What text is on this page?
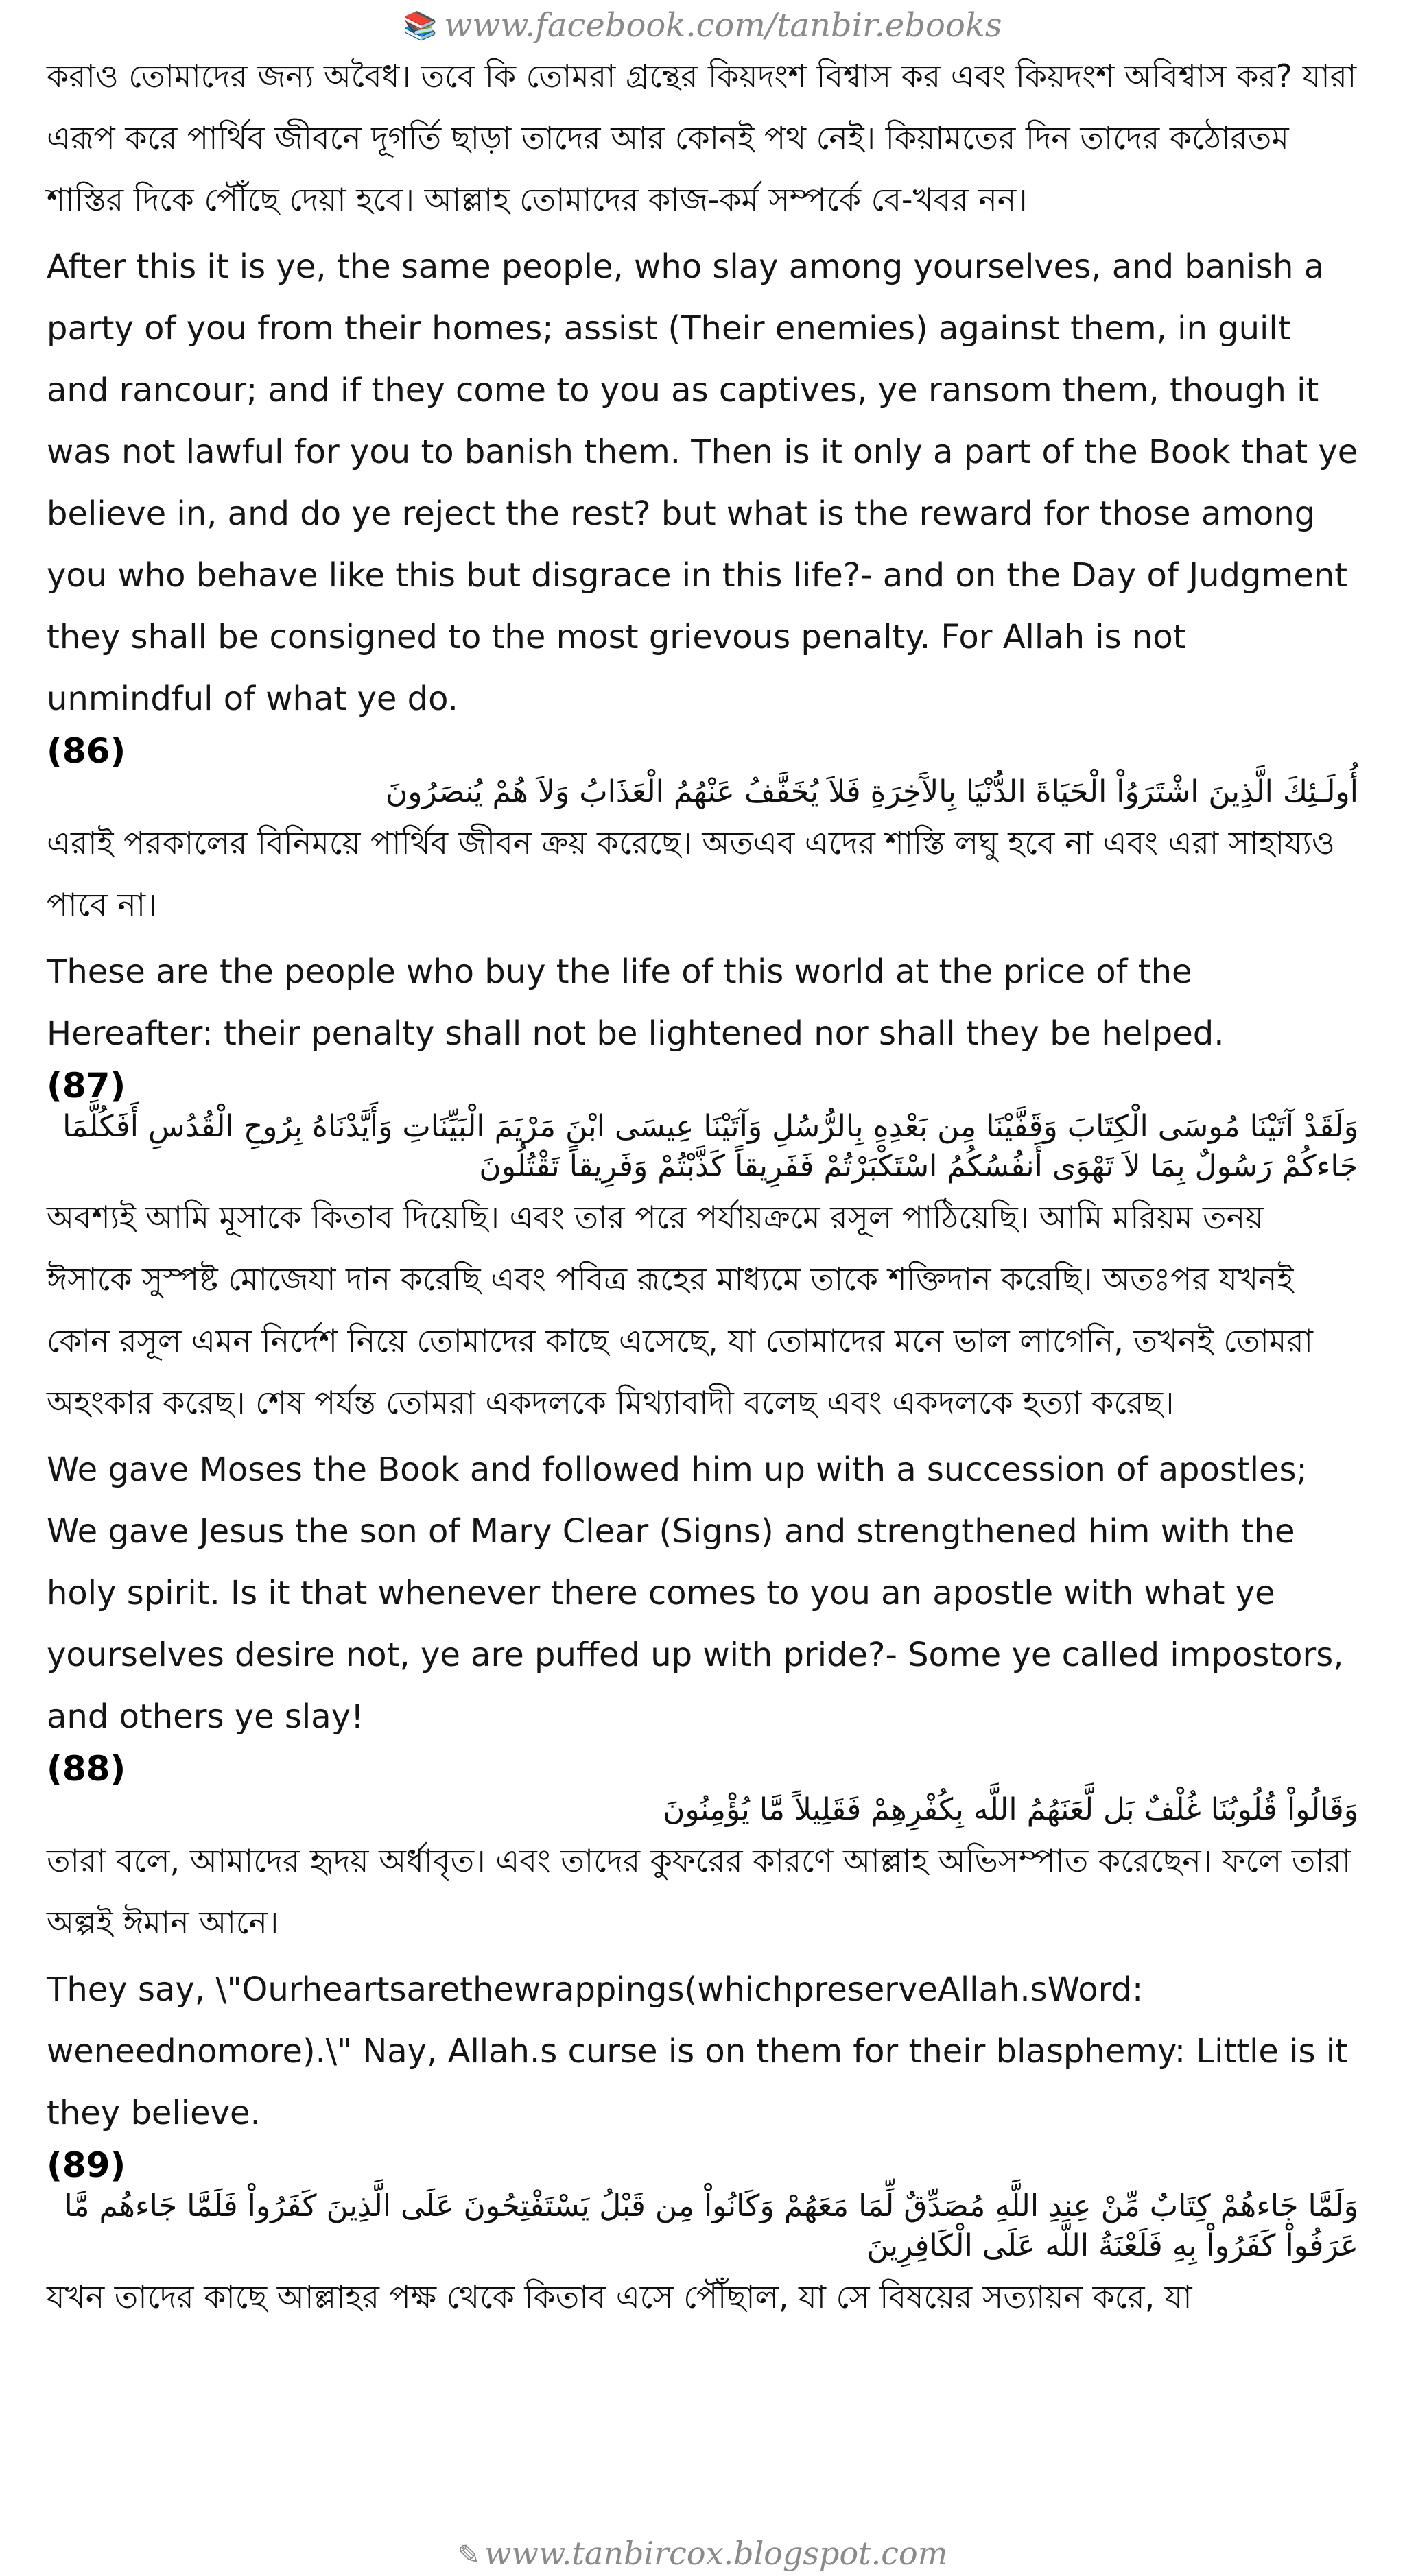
📚 www.facebook.com/tanbir.ebooks

করাও তোমাদের জন্য অবৈধ। তবে কি তোমরা গ্রন্থের কিয়দংশ বিশ্বাস কর এবং কিয়দংশ অবিশ্বাস কর? যারা এরূপ করে পার্থিব জীবনে দূগর্তি ছাড়া তাদের আর কোনই পথ নেই। কিয়ামতের দিন তাদের কঠোরতম শাস্তির দিকে পৌঁছে দেয়া হবে। আল্লাহ তোমাদের কাজ-কর্ম সম্পর্কে বে-খবর নন।

After this it is ye, the same people, who slay among yourselves, and banish a party of you from their homes; assist (Their enemies) against them, in guilt and rancour; and if they come to you as captives, ye ransom them, though it was not lawful for you to banish them. Then is it only a part of the Book that ye believe in, and do ye reject the rest? but what is the reward for those among you who behave like this but disgrace in this life?- and on the Day of Judgment they shall be consigned to the most grievous penalty. For Allah is not unmindful of what ye do.

(86)

أُولَـئِكَ الَّذِينَ اشْتَرَوُاْ الْحَيَاةَ الدُّنْيَا بِالآَخِرَةِ فَلاَ يُخَفَّفُ عَنْهُمُ الْعَذَابُ وَلاَ هُمْ يُنصَرُونَ

এরাই পরকালের বিনিময়ে পার্থিব জীবন ক্রয় করেছে। অতএব এদের শাস্তি লঘু হবে না এবং এরা সাহায্যও পাবে না।

These are the people who buy the life of this world at the price of the Hereafter: their penalty shall not be lightened nor shall they be helped.

(87)

وَلَقَدْ آتَيْنَا مُوسَى الْكِتَابَ وَقَفَّيْنَا مِن بَعْدِهِ بِالرُّسُلِ وَآتَيْنَا عِيسَى ابْنَ مَرْيَمَ الْبَيِّنَاتِ وَأَيَّدْنَاهُ بِرُوحِ الْقُدُسِ أَفَكُلَّمَا جَاءكُمْ رَسُولٌ بِمَا لاَ تَهْوَى أَنفُسُكُمُ اسْتَكْبَرْتُمْ فَفَرِيقاً كَذَّبْتُمْ وَفَرِيقاً تَقْتُلُونَ

অবশ্যই আমি মূসাকে কিতাব দিয়েছি। এবং তার পরে পর্যায়ক্রমে রসূল পাঠিয়েছি। আমি মরিয়ম তনয় ঈসাকে সুস্পষ্ট মোজেযা দান করেছি এবং পবিত্র রূহের মাধ্যমে তাকে শক্তিদান করেছি। অতঃপর যখনই কোন রসূল এমন নির্দেশ নিয়ে তোমাদের কাছে এসেছে, যা তোমাদের মনে ভাল লাগেনি, তখনই তোমরা অহংকার করেছ। শেষ পর্যন্ত তোমরা একদলকে মিথ্যাবাদী বলেছ এবং একদলকে হত্যা করেছ।

We gave Moses the Book and followed him up with a succession of apostles; We gave Jesus the son of Mary Clear (Signs) and strengthened him with the holy spirit. Is it that whenever there comes to you an apostle with what ye yourselves desire not, ye are puffed up with pride?- Some ye called impostors, and others ye slay!

(88)

وَقَالُواْ قُلُوبُنَا غُلْفٌ بَل لَّعَنَهُمُ اللَّه بِكُفْرِهِمْ فَقَلِيلاً مَّا يُؤْمِنُونَ

তারা বলে, আমাদের হৃদয় অর্ধাবৃত। এবং তাদের কুফরের কারণে আল্লাহ অভিসম্পাত করেছেন। ফলে তারা অল্পই ঈমান আনে।

They say, \"Ourheartsarethewrappings(whichpreserveAllah.sWord: weneednomore).\" Nay, Allah.s curse is on them for their blasphemy: Little is it they believe.

(89)

وَلَمَّا جَاءهُمْ كِتَابٌ مِّنْ عِندِ اللَّهِ مُصَدِّقٌ لِّمَا مَعَهُمْ وَكَانُواْ مِن قَبْلُ يَسْتَفْتِحُونَ عَلَى الَّذِينَ كَفَرُواْ فَلَمَّا جَاءهُم مَّا عَرَفُواْ كَفَرُواْ بِهِ فَلَعْنَةُ اللَّه عَلَى الْكَافِرِينَ

যখন তাদের কাছে আল্লাহর পক্ষ থেকে কিতাব এসে পৌঁছাল, যা সে বিষয়ের সত্যায়ন করে, যা

✎ www.tanbircox.blogspot.com
